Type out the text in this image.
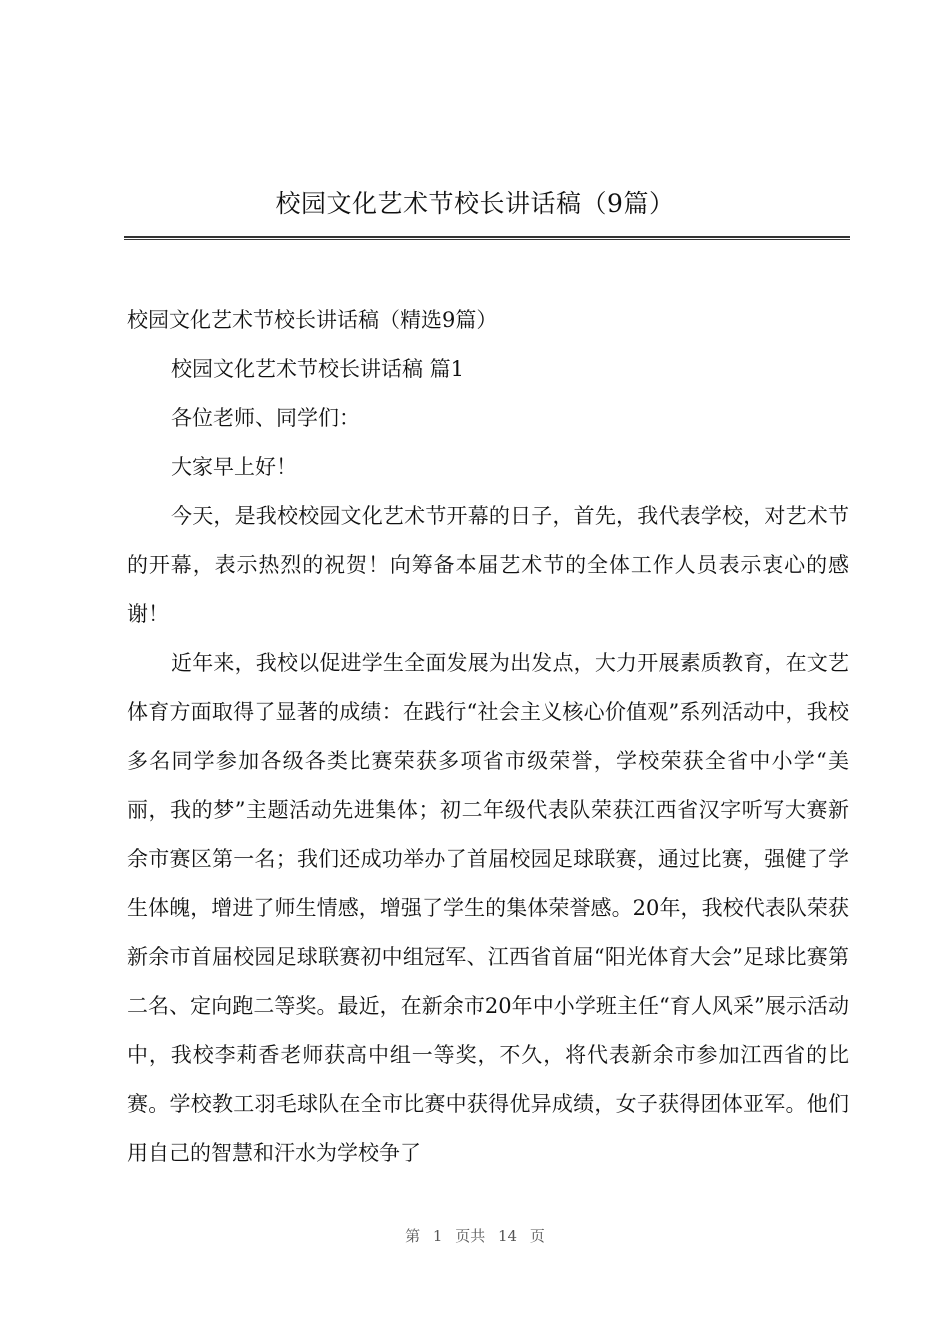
校园文化艺术节校长讲话稿（9篇）

校园文化艺术节校长讲话稿（精选9篇）

校园文化艺术节校长讲话稿 篇1

各位老师、同学们：

大家早上好！

今天，是我校校园文化艺术节开幕的日子，首先，我代表学校，对艺术节的开幕，表示热烈的祝贺！向筹备本届艺术节的全体工作人员表示衷心的感谢！

近年来，我校以促进学生全面发展为出发点，大力开展素质教育，在文艺体育方面取得了显著的成绩：在践行“社会主义核心价值观”系列活动中，我校多名同学参加各级各类比赛荣获多项省市级荣誉，学校荣获全省中小学“美丽，我的梦”主题活动先进集体；初二年级代表队荣获江西省汉字听写大赛新余市赛区第一名；我们还成功举办了首届校园足球联赛，通过比赛，强健了学生体魄，增进了师生情感，增强了学生的集体荣誉感。20年，我校代表队荣获新余市首届校园足球联赛初中组冠军、江西省首届“阳光体育大会”足球比赛第二名、定向跑二等奖。最近，在新余市20年中小学班主任“育人风采”展示活动中，我校李莉香老师获高中组一等奖，不久，将代表新余市参加江西省的比赛。学校教工羽毛球队在全市比赛中获得优异成绩，女子获得团体亚军。他们用自己的智慧和汗水为学校争了

第 1 页共 14 页
